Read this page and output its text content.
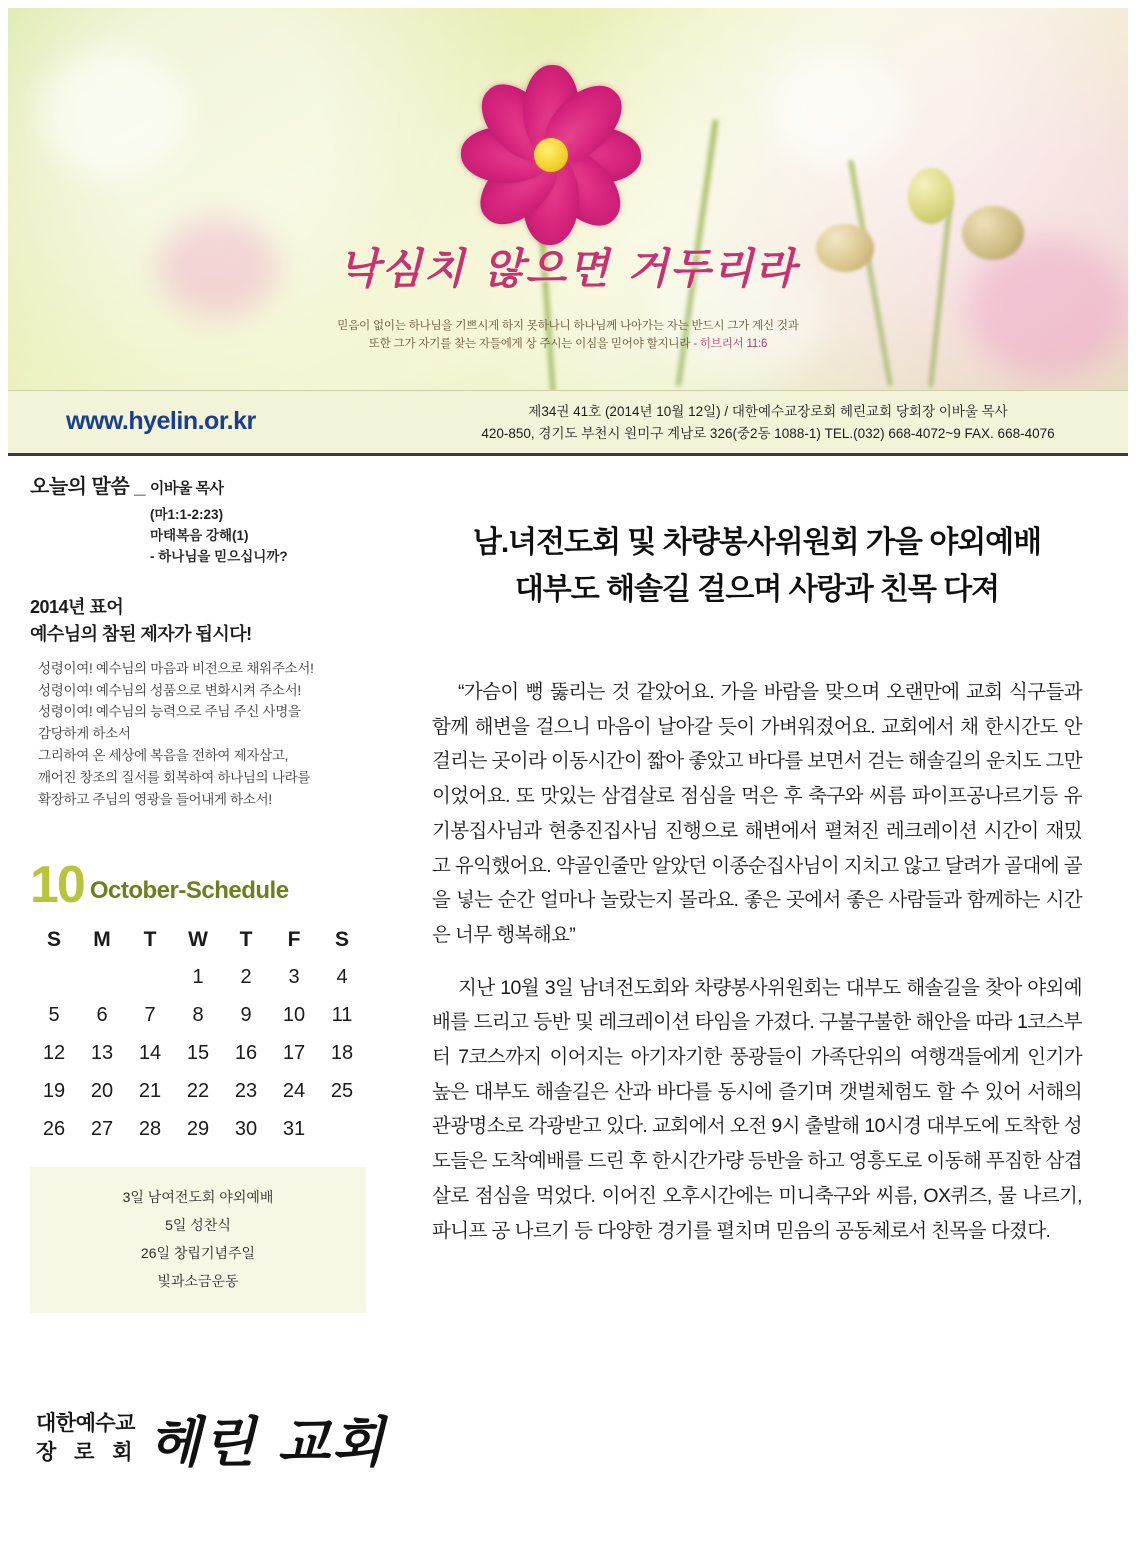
낙심치 않으면 거두리라
믿음이 없이는 하나님을 기쁘시게 하지 못하나니 하나님께 나아가는 자는 반드시 그가 계신 것과
또한 그가 자기를 찾는 자들에게 상 주시는 이심을 믿어야 할지니라 - 히브리서 11:6
www.hyelin.or.kr	제34권 41호 (2014년 10월 12일) / 대한예수교장로회 헤린교회 당회장 이바울 목사
420-850, 경기도 부천시 원미구 계남로 326(중2동 1088-1) TEL.(032) 668-4072~9 FAX. 668-4076
오늘의 말씀 _ 이바울 목사
(마1:1-2:23)
마태복음 강해(1)
- 하나님을 믿으십니까?
2014년 표어
예수님의 참된 제자가 됩시다!
성령이여! 예수님의 마음과 비전으로 채워주소서!
성령이여! 예수님의 성품으로 변화시켜 주소서!
성령이여! 예수님의 능력으로 주님 주신 사명을
감당하게 하소서
그리하여 온 세상에 복음을 전하여 제자삼고,
깨어진 창조의 질서를 회복하여 하나님의 나라를
확장하고 주님의 영광을 들어내게 하소서!
10 October-Schedule
S	M	T	W	T	F	S
			1	2	3	4
5	6	7	8	9	10	11
12	13	14	15	16	17	18
19	20	21	22	23	24	25
26	27	28	29	30	31	
3일 남여전도회 야외예배
5일 성찬식
26일 창립기념주일
빛과소금운동
대한예수교
장 로 회 헤린 교회
남.녀전도회 및 차량봉사위원회 가을 야외예배
대부도 해솔길 걸으며 사랑과 친목 다져

“가슴이 뻥 뚫리는 것 같았어요. 가을 바람을 맞으며 오랜만에 교회 식구들과 함께 해변을 걸으니 마음이 날아갈 듯이 가벼워졌어요. 교회에서 채 한시간도 안걸리는 곳이라 이동시간이 짧아 좋았고 바다를 보면서 걷는 해솔길의 운치도 그만이었어요. 또 맛있는 삼겹살로 점심을 먹은 후 축구와 씨름 파이프공나르기등 유기봉집사님과 현충진집사님 진행으로 해변에서 펼쳐진 레크레이션 시간이 재밌고 유익했어요. 약골인줄만 알았던 이종순집사님이 지치고 않고 달려가 골대에 골을 넣는 순간 얼마나 놀랐는지 몰라요. 좋은 곳에서 좋은 사람들과 함께하는 시간은 너무 행복해요”

지난 10월 3일 남녀전도회와 차량봉사위원회는 대부도 해솔길을 찾아 야외예배를 드리고 등반 및 레크레이션 타임을 가졌다. 구불구불한 해안을 따라 1코스부터 7코스까지 이어지는 아기자기한 풍광들이 가족단위의 여행객들에게 인기가 높은 대부도 해솔길은 산과 바다를 동시에 즐기며 갯벌체험도 할 수 있어 서해의 관광명소로 각광받고 있다. 교회에서 오전 9시 출발해 10시경 대부도에 도착한 성도들은 도착예배를 드린 후 한시간가량 등반을 하고 영흥도로 이동해 푸짐한 삼겹살로 점심을 먹었다. 이어진 오후시간에는 미니축구와 씨름, OX퀴즈, 물 나르기, 파니프 공 나르기 등 다양한 경기를 펼치며 믿음의 공동체로서 친목을 다졌다.
